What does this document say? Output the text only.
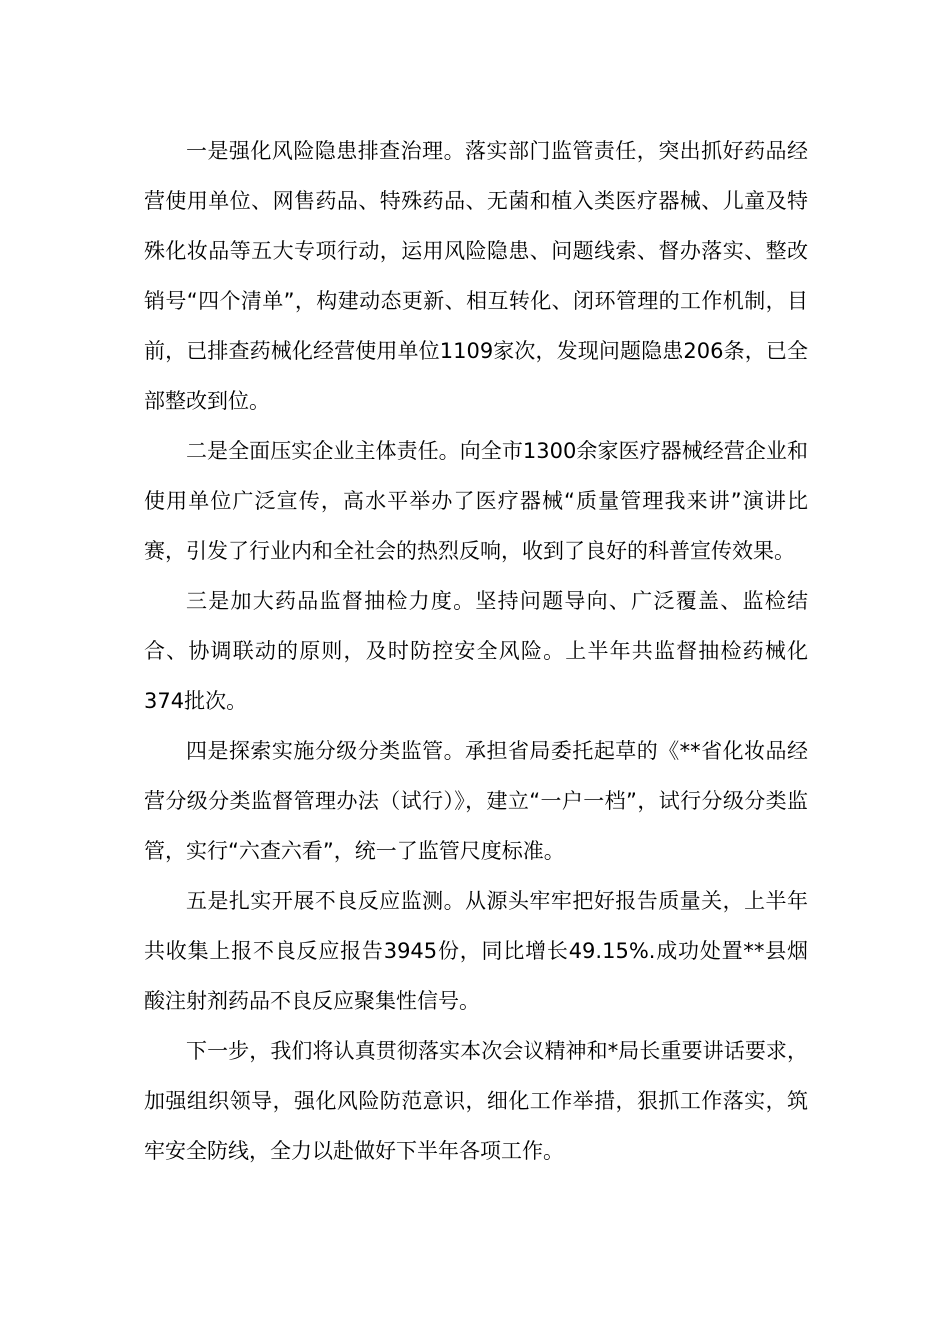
一是强化风险隐患排查治理。落实部门监管责任，突出抓好药品经营使用单位、网售药品、特殊药品、无菌和植入类医疗器械、儿童及特殊化妆品等五大专项行动，运用风险隐患、问题线索、督办落实、整改销号“四个清单”，构建动态更新、相互转化、闭环管理的工作机制，目前，已排查药械化经营使用单位1109家次，发现问题隐患206条，已全部整改到位。

二是全面压实企业主体责任。向全市1300余家医疗器械经营企业和使用单位广泛宣传，高水平举办了医疗器械“质量管理我来讲”演讲比赛，引发了行业内和全社会的热烈反响，收到了良好的科普宣传效果。

三是加大药品监督抽检力度。坚持问题导向、广泛覆盖、监检结合、协调联动的原则，及时防控安全风险。上半年共监督抽检药械化374批次。

四是探索实施分级分类监管。承担省局委托起草的《**省化妆品经营分级分类监督管理办法（试行）》，建立“一户一档”，试行分级分类监管，实行“六查六看”，统一了监管尺度标准。

五是扎实开展不良反应监测。从源头牢牢把好报告质量关，上半年共收集上报不良反应报告3945份，同比增长49.15%.成功处置**县烟酸注射剂药品不良反应聚集性信号。

下一步，我们将认真贯彻落实本次会议精神和*局长重要讲话要求，加强组织领导，强化风险防范意识，细化工作举措，狠抓工作落实，筑牢安全防线，全力以赴做好下半年各项工作。
